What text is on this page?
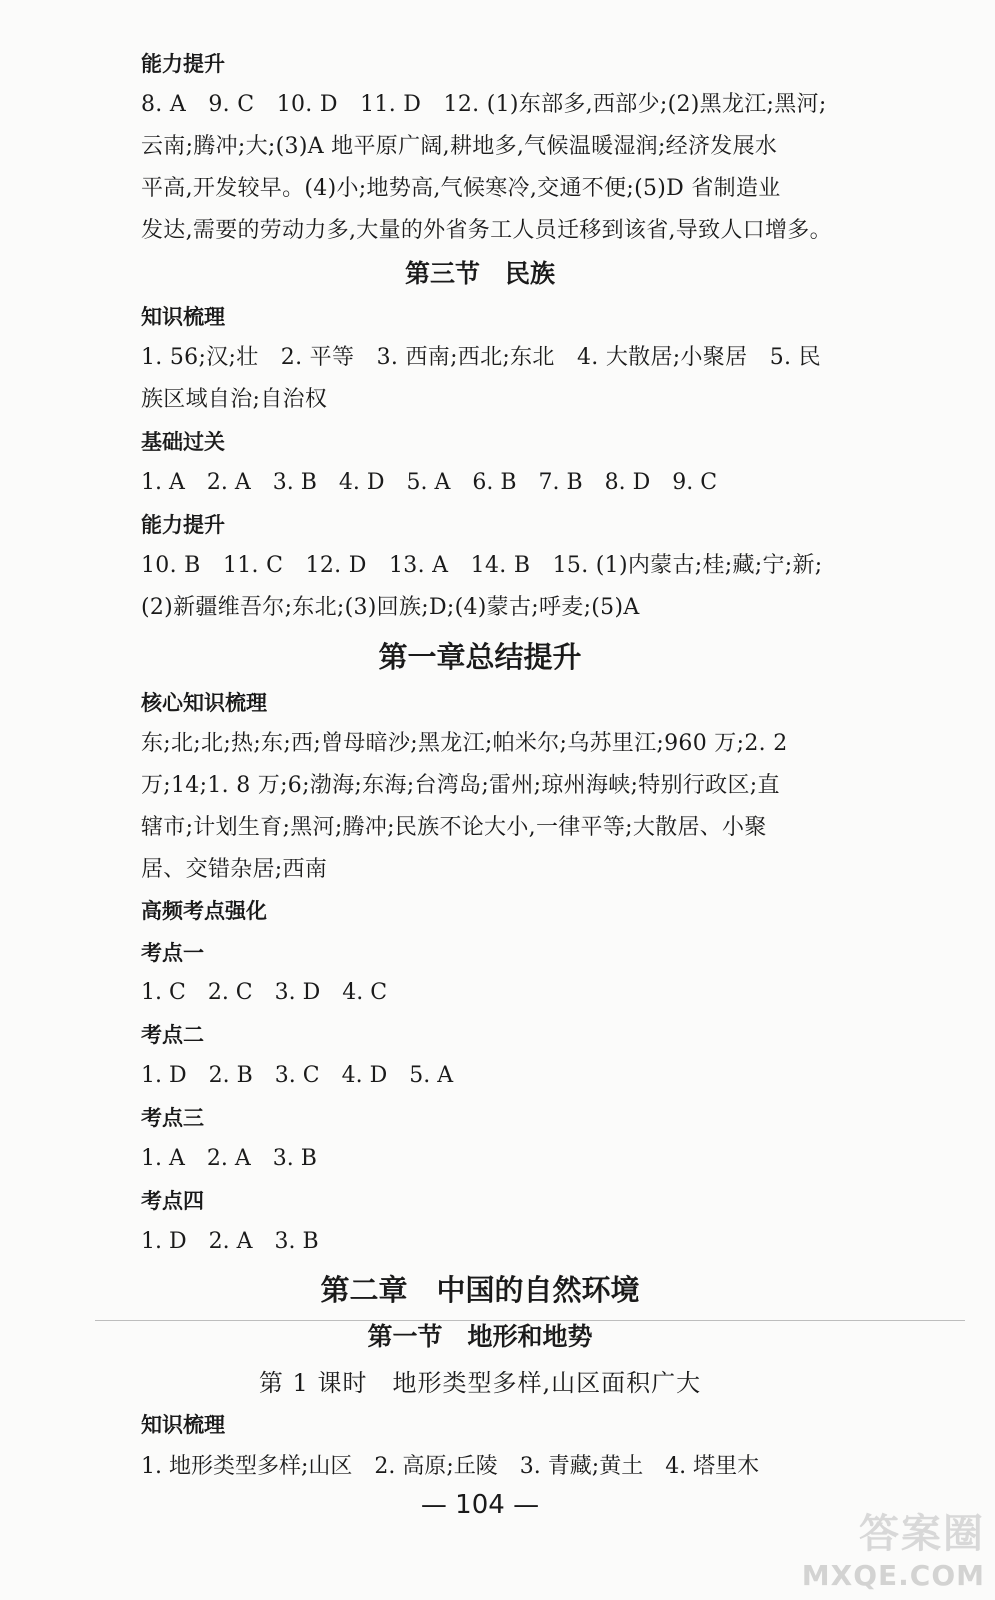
能力提升
8. A　9. C　10. D　11. D　12. (1)东部多,西部少;(2)黑龙江;黑河;
云南;腾冲;大;(3)A 地平原广阔,耕地多,气候温暖湿润;经济发展水
平高,开发较早。(4)小;地势高,气候寒冷,交通不便;(5)D 省制造业
发达,需要的劳动力多,大量的外省务工人员迁移到该省,导致人口增多。
第三节　民族
知识梳理
1. 56;汉;壮　2. 平等　3. 西南;西北;东北　4. 大散居;小聚居　5. 民
族区域自治;自治权
基础过关
1. A　2. A　3. B　4. D　5. A　6. B　7. B　8. D　9. C
能力提升
10. B　11. C　12. D　13. A　14. B　15. (1)内蒙古;桂;藏;宁;新;
(2)新疆维吾尔;东北;(3)回族;D;(4)蒙古;呼麦;(5)A
第一章总结提升
核心知识梳理
东;北;北;热;东;西;曾母暗沙;黑龙江;帕米尔;乌苏里江;960 万;2. 2
万;14;1. 8 万;6;渤海;东海;台湾岛;雷州;琼州海峡;特别行政区;直
辖市;计划生育;黑河;腾冲;民族不论大小,一律平等;大散居、小聚
居、交错杂居;西南
高频考点强化
考点一
1. C　2. C　3. D　4. C
考点二
1. D　2. B　3. C　4. D　5. A
考点三
1. A　2. A　3. B
考点四
1. D　2. A　3. B
第二章　中国的自然环境
第一节　地形和地势
第 1 课时　地形类型多样,山区面积广大
知识梳理
1. 地形类型多样;山区　2. 高原;丘陵　3. 青藏;黄土　4. 塔里木
— 104 —
答案圈
MXQE.COM
